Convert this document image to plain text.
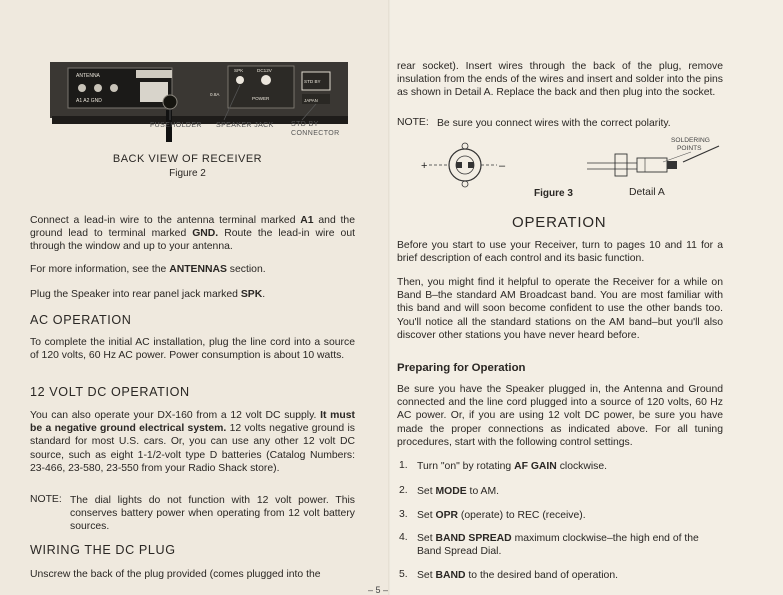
ANTENNA
A1 A2 GND
SPK	DC12V
STD BY
0.8A
POWER	JAPAN
FUSEHOLDER SPEAKER JACK STD BY
CONNECTOR
BACK VIEW OF RECEIVER
Figure 2

Connect a lead-in wire to the antenna terminal marked A1 and the ground lead to terminal marked GND. Route the lead-in wire out through the window and up to your antenna.

For more information, see the ANTENNAS section.

Plug the Speaker into rear panel jack marked SPK.

AC OPERATION

To complete the initial AC installation, plug the line cord into a source of 120 volts, 60 Hz AC power. Power consumption is about 10 watts.

12 VOLT DC OPERATION

You can also operate your DX-160 from a 12 volt DC supply. It must be a negative ground electrical system. 12 volts negative ground is standard for most U.S. cars. Or, you can use any other 12 volt DC source, such as eight 1-1/2-volt type D batteries (Catalog Numbers: 23-466, 23-580, 23-550 from your Radio Shack store).

NOTE: The dial lights do not function with 12 volt power. This conserves battery power when operating from 12 volt battery sources.

WIRING THE DC PLUG

Unscrew the back of the plug provided (comes plugged into the

rear socket). Insert wires through the back of the plug, remove insulation from the ends of the wires and insert and solder into the pins as shown in Detail A. Replace the back and then plug into the socket.

NOTE: Be sure you connect wires with the correct polarity.

+	–
SOLDERING
POINTS
Figure 3	Detail A
OPERATION

Before you start to use your Receiver, turn to pages 10 and 11 for a brief description of each control and its basic function.

Then, you might find it helpful to operate the Receiver for a while on Band B–the standard AM Broadcast band. You are most familiar with this band and will soon become confident to use the other bands too. You'll notice all the standard stations on the AM band–but you'll also discover other stations you have never heard before.

Preparing for Operation

Be sure you have the Speaker plugged in, the Antenna and Ground connected and the line cord plugged into a source of 120 volts, 60 Hz AC power. Or, if you are using 12 volt DC power, be sure you have made the proper connections as indicated above. For all tuning procedures, start with the following control settings.

1. Turn "on" by rotating AF GAIN clockwise.
2. Set MODE to AM.
3. Set OPR (operate) to REC (receive).
4. Set BAND SPREAD maximum clockwise–the high end of the Band Spread Dial.
5. Set BAND to the desired band of operation.
– 5 –
